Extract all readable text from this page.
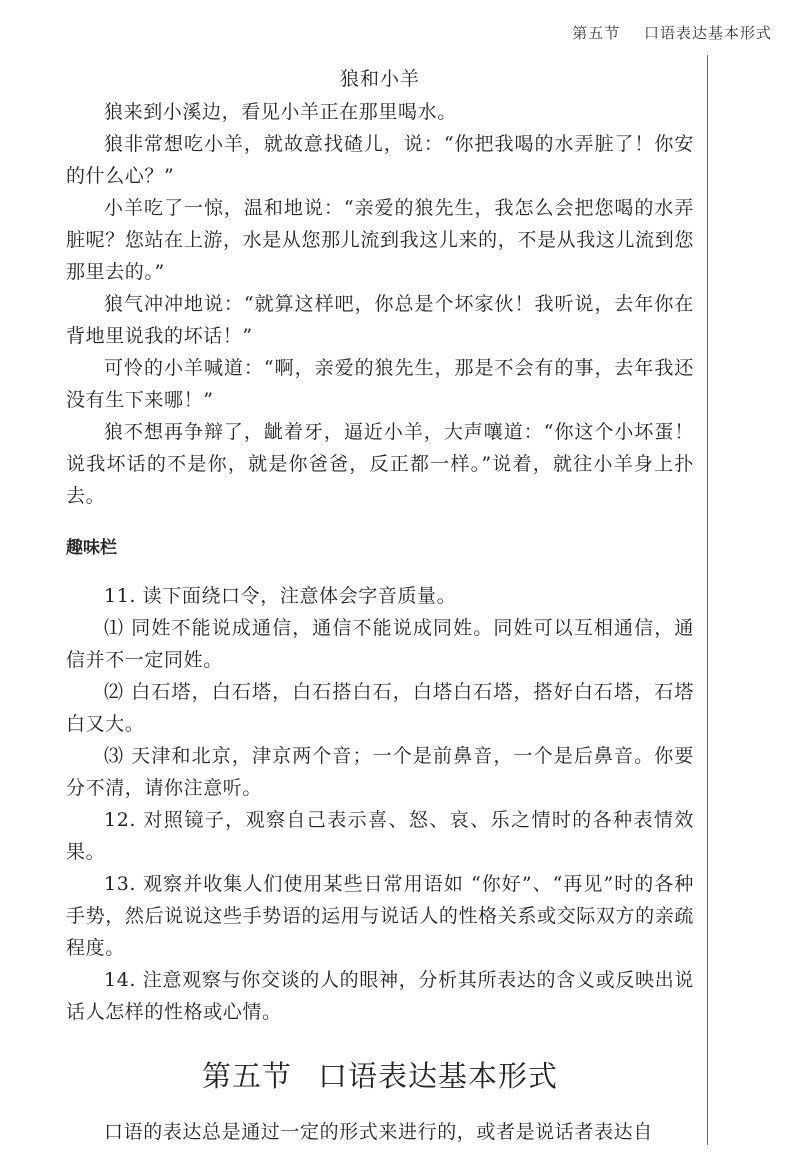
第五节 口语表达基本形式
狼和小羊

狼来到小溪边，看见小羊正在那里喝水。

狼非常想吃小羊，就故意找碴儿，说：“你把我喝的水弄脏了！你安的什么心？”

小羊吃了一惊，温和地说：“亲爱的狼先生，我怎么会把您喝的水弄脏呢？您站在上游，水是从您那儿流到我这儿来的，不是从我这儿流到您那里去的。”

狼气冲冲地说：“就算这样吧，你总是个坏家伙！我听说，去年你在背地里说我的坏话！”

可怜的小羊喊道：“啊，亲爱的狼先生，那是不会有的事，去年我还没有生下来哪！”

狼不想再争辩了，龇着牙，逼近小羊，大声嚷道：“你这个小坏蛋！说我坏话的不是你，就是你爸爸，反正都一样。”说着，就往小羊身上扑去。

趣味栏

11. 读下面绕口令，注意体会字音质量。

⑴ 同姓不能说成通信，通信不能说成同姓。同姓可以互相通信，通信并不一定同姓。

⑵ 白石塔，白石塔，白石搭白石，白塔白石塔，搭好白石塔，石塔白又大。

⑶ 天津和北京，津京两个音；一个是前鼻音，一个是后鼻音。你要分不清，请你注意听。

12. 对照镜子，观察自己表示喜、怒、哀、乐之情时的各种表情效果。

13. 观察并收集人们使用某些日常用语如 “你好”、“再见”时的各种手势，然后说说这些手势语的运用与说话人的性格关系或交际双方的亲疏程度。

14. 注意观察与你交谈的人的眼神，分析其所表达的含义或反映出说话人怎样的性格或心情。

第五节 口语表达基本形式

口语的表达总是通过一定的形式来进行的，或者是说话者表达自
